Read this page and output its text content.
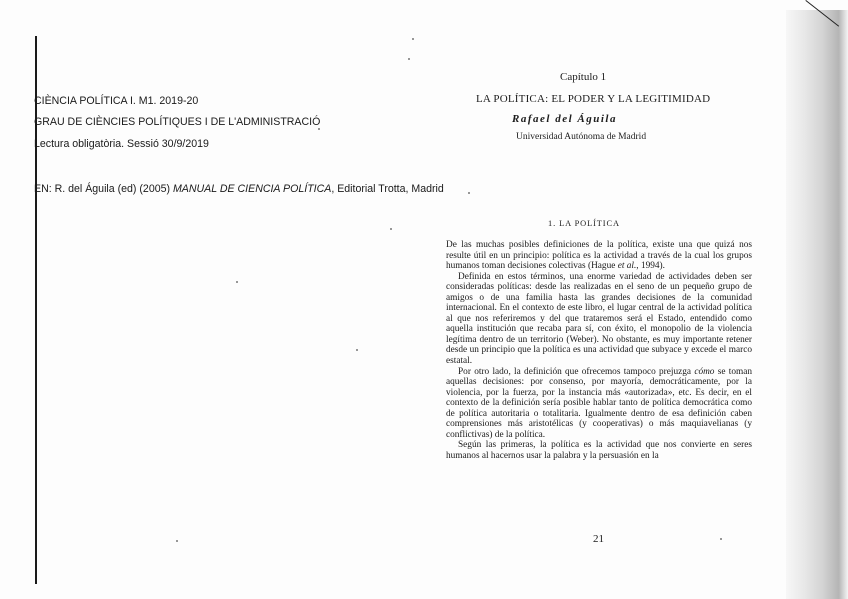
CIÈNCIA POLÍTICA I. M1. 2019-20
GRAU DE CIÈNCIES POLÍTIQUES I DE L'ADMINISTRACIÓ
Lectura obligatòria. Sessió 30/9/2019
EN: R. del Águila (ed) (2005) MANUAL DE CIENCIA POLÍTICA, Editorial Trotta, Madrid
Capítulo 1
LA POLÍTICA: EL PODER Y LA LEGITIMIDAD
Rafael del Águila
Universidad Autónoma de Madrid
1. LA POLÍTICA

De las muchas posibles definiciones de la política, existe una que quizá nos resulte útil en un principio: política es la actividad a través de la cual los grupos humanos toman decisiones colectivas (Hague et al., 1994).

Definida en estos términos, una enorme variedad de actividades deben ser consideradas políticas: desde las realizadas en el seno de un pequeño grupo de amigos o de una familia hasta las grandes decisiones de la comunidad internacional. En el contexto de este libro, el lugar central de la actividad política al que nos referiremos y del que trataremos será el Estado, entendido como aquella institución que recaba para sí, con éxito, el monopolio de la violencia legítima dentro de un territorio (Weber). No obstante, es muy importante retener desde un principio que la política es una actividad que subyace y excede el marco estatal.

Por otro lado, la definición que ofrecemos tampoco prejuzga cómo se toman aquellas decisiones: por consenso, por mayoría, democráticamente, por la violencia, por la fuerza, por la instancia más «autorizada», etc. Es decir, en el contexto de la definición sería posible hablar tanto de política democrática como de política autoritaria o totalitaria. Igualmente dentro de esa definición caben comprensiones más aristotélicas (y cooperativas) o más maquiavelianas (y conflictivas) de la política.

Según las primeras, la política es la actividad que nos convierte en seres humanos al hacernos usar la palabra y la persuasión en la

21
